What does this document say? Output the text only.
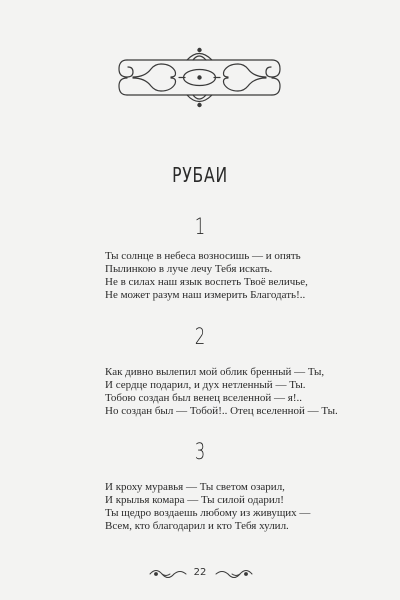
РУБАИ
1
Ты солнце в небеса возносишь — и опять
Пылинкою в луче лечу Тебя искать.
Не в силах наш язык воспеть Твоё величье,
Не может разум наш измерить Благодать!..
2
Как дивно вылепил мой облик бренный — Ты,
И сердце подарил, и дух нетленный — Ты.
Тобою создан был венец вселенной — я!..
Но создан был — Тобой!.. Отец вселенной — Ты.
3
И кроху муравья — Ты светом озарил,
И крылья комара — Ты силой одарил!
Ты щедро воздаешь любому из живущих —
Всем, кто благодарил и кто Тебя хулил.
22
